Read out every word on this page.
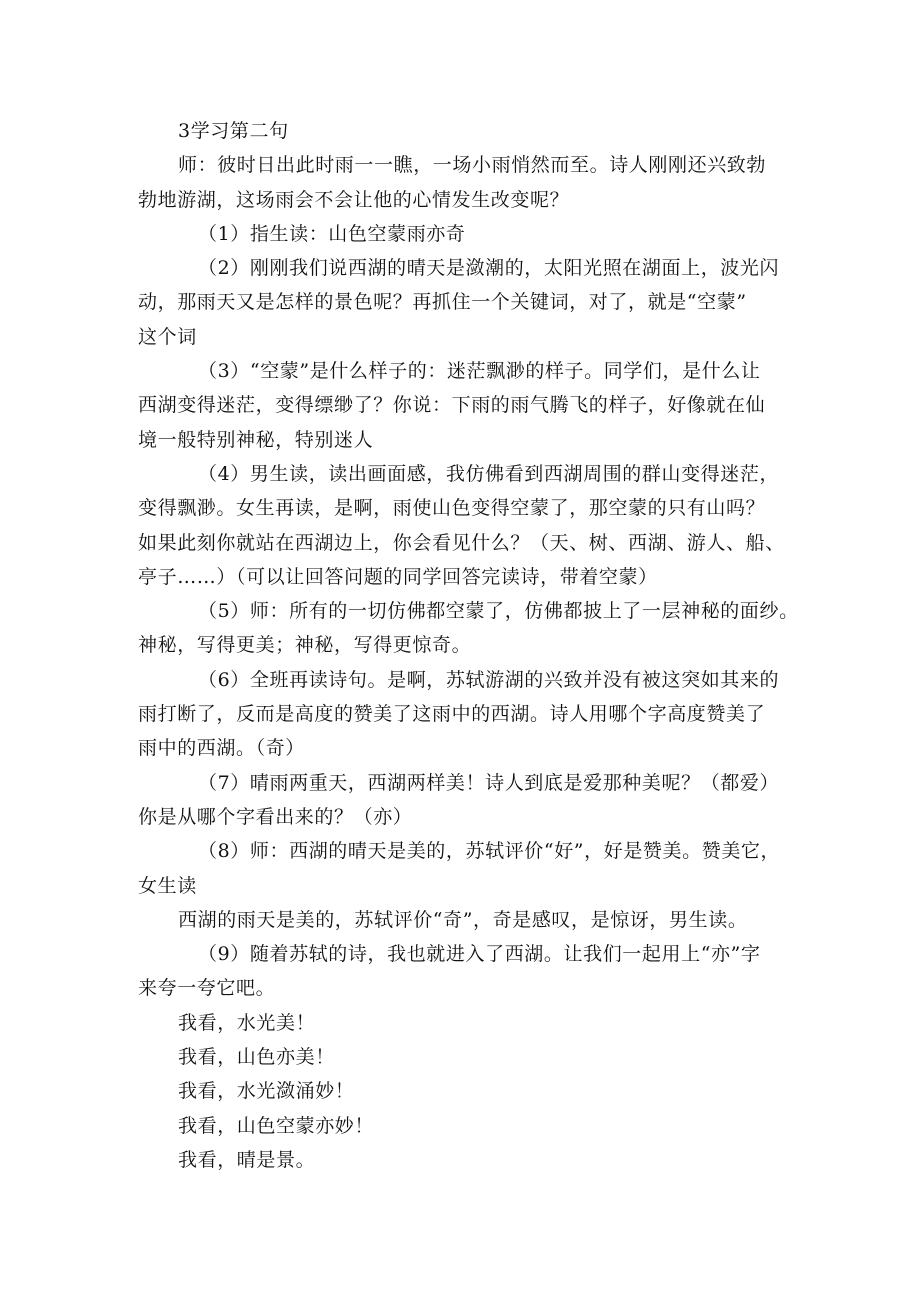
3学习第二句
师：彼时日出此时雨一一瞧，一场小雨悄然而至。诗人刚刚还兴致勃
勃地游湖，这场雨会不会让他的心情发生改变呢？
（1）指生读：山色空蒙雨亦奇
（2）刚刚我们说西湖的晴天是潋潮的，太阳光照在湖面上，波光闪
动，那雨天又是怎样的景色呢？再抓住一个关键词，对了，就是“空蒙”
这个词
（3）“空蒙”是什么样子的：迷茫飘渺的样子。同学们，是什么让
西湖变得迷茫，变得缥缈了？你说：下雨的雨气腾飞的样子，好像就在仙
境一般特别神秘，特别迷人
（4）男生读，读出画面感，我仿佛看到西湖周围的群山变得迷茫，
变得飘渺。女生再读，是啊，雨使山色变得空蒙了，那空蒙的只有山吗？
如果此刻你就站在西湖边上，你会看见什么？（天、树、西湖、游人、船、
亭子……）（可以让回答问题的同学回答完读诗，带着空蒙）
（5）师：所有的一切仿佛都空蒙了，仿佛都披上了一层神秘的面纱。
神秘，写得更美；神秘，写得更惊奇。
（6）全班再读诗句。是啊，苏轼游湖的兴致并没有被这突如其来的
雨打断了，反而是高度的赞美了这雨中的西湖。诗人用哪个字高度赞美了
雨中的西湖。（奇）
（7）晴雨两重天，西湖两样美！诗人到底是爱那种美呢？（都爱）
你是从哪个字看出来的？（亦）
（8）师：西湖的晴天是美的，苏轼评价“好”，好是赞美。赞美它，
女生读
西湖的雨天是美的，苏轼评价“奇”，奇是感叹，是惊讶，男生读。
（9）随着苏轼的诗，我也就进入了西湖。让我们一起用上“亦”字
来夸一夸它吧。
我看，水光美！
我看，山色亦美！
我看，水光潋涌妙！
我看，山色空蒙亦妙！
我看，晴是景。
